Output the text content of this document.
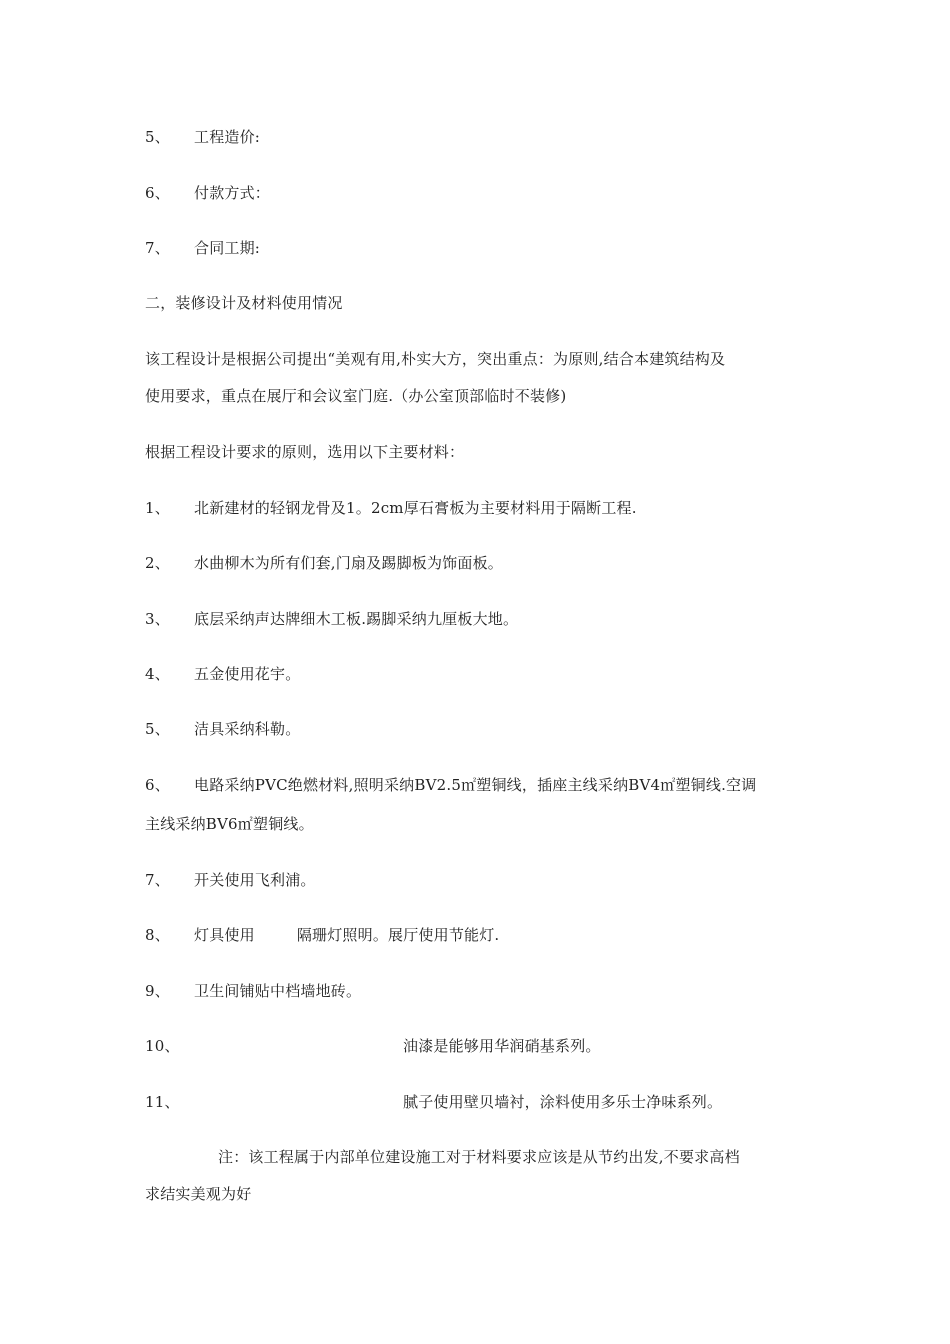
5、 工程造价:
6、 付款方式：
7、 合同工期:
二，装修设计及材料使用情况
该工程设计是根据公司提出“美观有用,朴实大方，突出重点：为原则,结合本建筑结构及
使用要求，重点在展厅和会议室门庭.（办公室顶部临时不装修)
根据工程设计要求的原则，选用以下主要材料：
1、 北新建材的轻钢龙骨及1。2cm厚石膏板为主要材料用于隔断工程.
2、 水曲柳木为所有们套,门扇及踢脚板为饰面板。
3、 底层采纳声达牌细木工板.踢脚采纳九厘板大地。
4、 五金使用花宇。
5、 洁具采纳科勒。
6、 电路采纳PVC绝燃材料,照明采纳BV2.5㎡塑铜线，插座主线采纳BV4㎡塑铜线.空调
主线采纳BV6㎡塑铜线。
7、 开关使用飞利浦。
8、 灯具使用	隔珊灯照明。展厅使用节能灯.
9、 卫生间铺贴中档墙地砖。
10、	油漆是能够用华润硝基系列。
11、	腻子使用壁贝墙衬，涂料使用多乐士净味系列。
注：该工程属于内部单位建设施工对于材料要求应该是从节约出发,不要求高档
求结实美观为好
